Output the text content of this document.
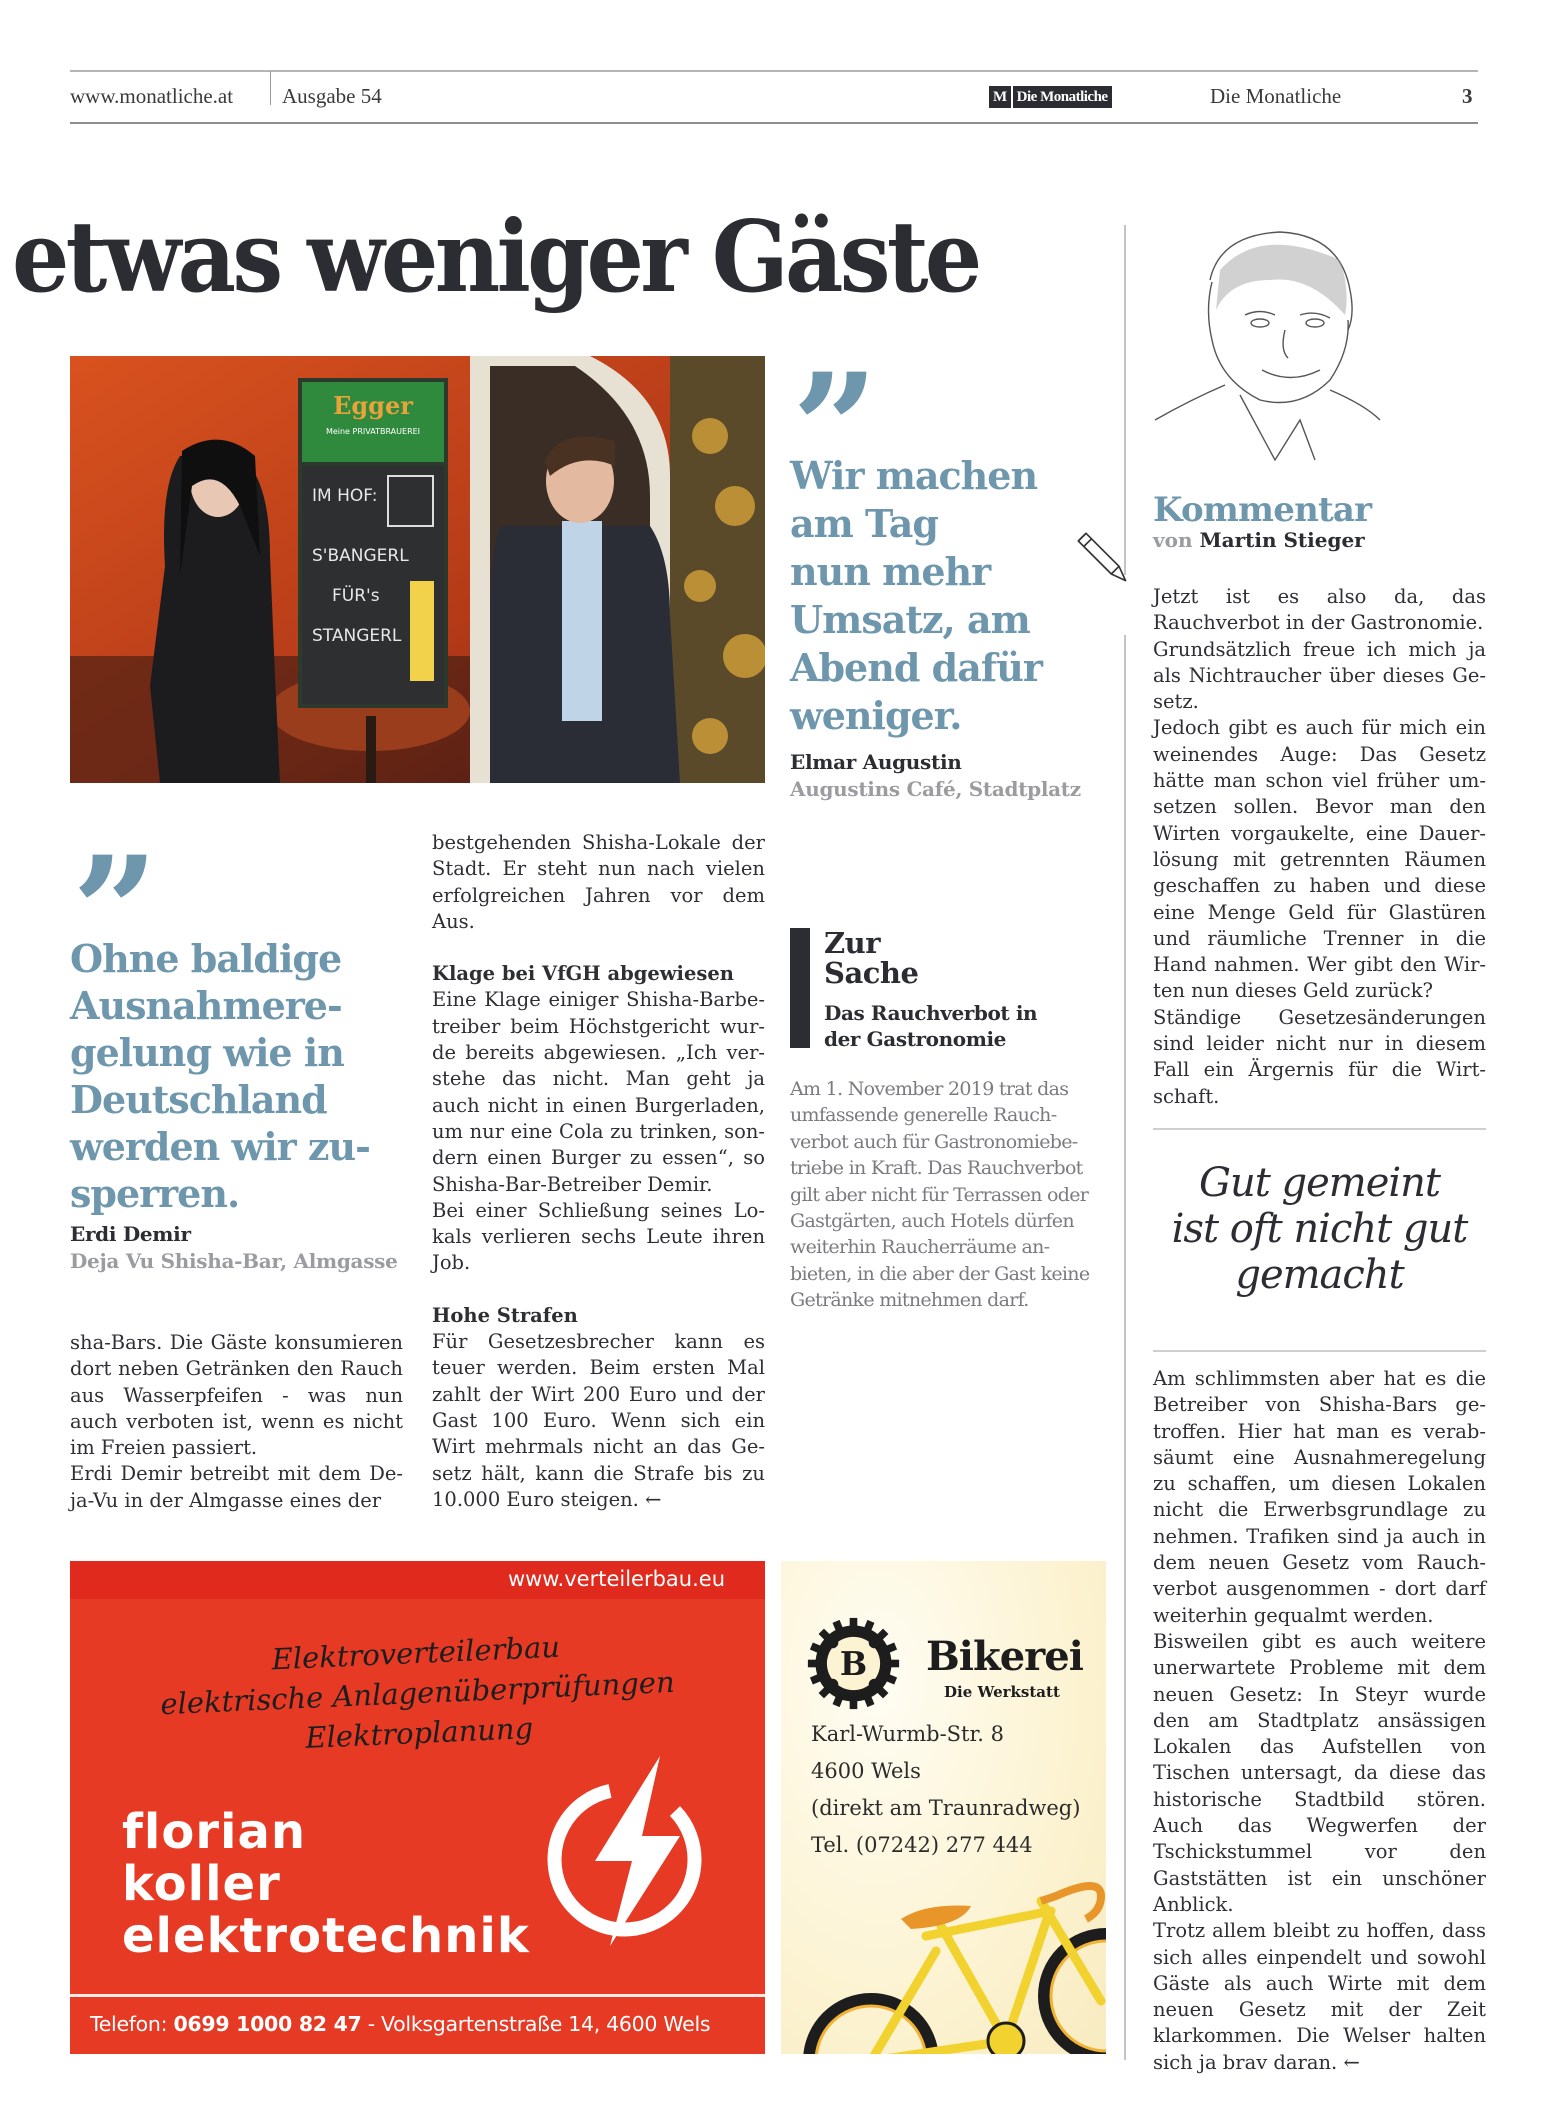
www.monatliche.at Ausgabe 54	M Die Monatliche	Die Monatliche	3
etwas weniger Gäste
Egger
Meine PRIVATBRAUEREI
IM HOF:
S'BANGERL
FÜR's
STANGERL
”
Wir machen
am Tag
nun mehr
Umsatz, am
Abend dafür
weniger.
Elmar Augustin
Augustins Café, Stadtplatz
”
Ohne baldige
Ausnahmere-
gelung wie in
Deutschland
werden wir zu-
sperren.
Erdi Demir
Deja Vu Shisha-Bar, Almgasse

sha-Bars. Die Gäste konsumieren dort neben Getränken den Rauch aus Wasserpfeifen - was nun auch verboten ist, wenn es nicht im Freien passiert.

Erdi Demir betreibt mit dem Deja-Vu in der Almgasse eines der

bestgehenden Shisha-Lokale der Stadt. Er steht nun nach vielen erfolgreichen Jahren vor dem Aus.

Klage bei VfGH abgewiesen

Eine Klage einiger Shisha-Barbetreiber beim Höchstgericht wurde bereits abgewiesen. „Ich verstehe das nicht. Man geht ja auch nicht in einen Burgerladen, um nur eine Cola zu trinken, sondern einen Burger zu essen“, so Shisha-Bar-Betreiber Demir.

Bei einer Schließung seines Lokals verlieren sechs Leute ihren Job.

Hohe Strafen

Für Gesetzesbrecher kann es teuer werden. Beim ersten Mal zahlt der Wirt 200 Euro und der Gast 100 Euro. Wenn sich ein Wirt mehrmals nicht an das Gesetz hält, kann die Strafe bis zu 10.000 Euro steigen. ←

Zur
Sache
Das Rauchverbot in
der Gastronomie
Am 1. November 2019 trat das umfassende generelle Rauchverbot auch für Gastronomiebetriebe in Kraft. Das Rauchverbot gilt aber nicht für Terrassen oder Gastgärten, auch Hotels dürfen weiterhin Raucherräume anbieten, in die aber der Gast keine Getränke mitnehmen darf.
Kommentar
von Martin Stieger

Jetzt ist es also da, das Rauchverbot in der Gastronomie.

Grundsätzlich freue ich mich ja als Nichtraucher über dieses Gesetz.

Jedoch gibt es auch für mich ein weinendes Auge: Das Gesetz hätte man schon viel früher umsetzen sollen. Bevor man den Wirten vorgaukelte, eine Dauerlösung mit getrennten Räumen geschaffen zu haben und diese eine Menge Geld für Glastüren und räumliche Trenner in die Hand nahmen. Wer gibt den Wirten nun dieses Geld zurück?

Ständige Gesetzesänderungen sind leider nicht nur in diesem Fall ein Ärgernis für die Wirtschaft.

Gut gemeint
ist oft nicht gut
gemacht

Am schlimmsten aber hat es die Betreiber von Shisha-Bars getroffen. Hier hat man es verabsäumt eine Ausnahmeregelung zu schaffen, um diesen Lokalen nicht die Erwerbsgrundlage zu nehmen. Trafiken sind ja auch in dem neuen Gesetz vom Rauchverbot ausgenommen - dort darf weiterhin gequalmt werden.

Bisweilen gibt es auch weitere unerwartete Probleme mit dem neuen Gesetz: In Steyr wurde den am Stadtplatz ansässigen Lokalen das Aufstellen von Tischen untersagt, da diese das historische Stadtbild stören. Auch das Wegwerfen der Tschickstummel vor den Gaststätten ist ein unschöner Anblick.

Trotz allem bleibt zu hoffen, dass sich alles einpendelt und sowohl Gäste als auch Wirte mit dem neuen Gesetz mit der Zeit klarkommen. Die Welser halten sich ja brav daran. ←

www.verteilerbau.eu
Elektroverteilerbau
elektrische Anlagenüberprüfungen
Elektroplanung
florian
koller
elektrotechnik
Telefon: 0699 1000 82 47 - Volksgartenstraße 14, 4600 Wels
B Bikerei
Die Werkstatt
Karl-Wurmb-Str. 8
4600 Wels
(direkt am Traunradweg)
Tel. (07242) 277 444
